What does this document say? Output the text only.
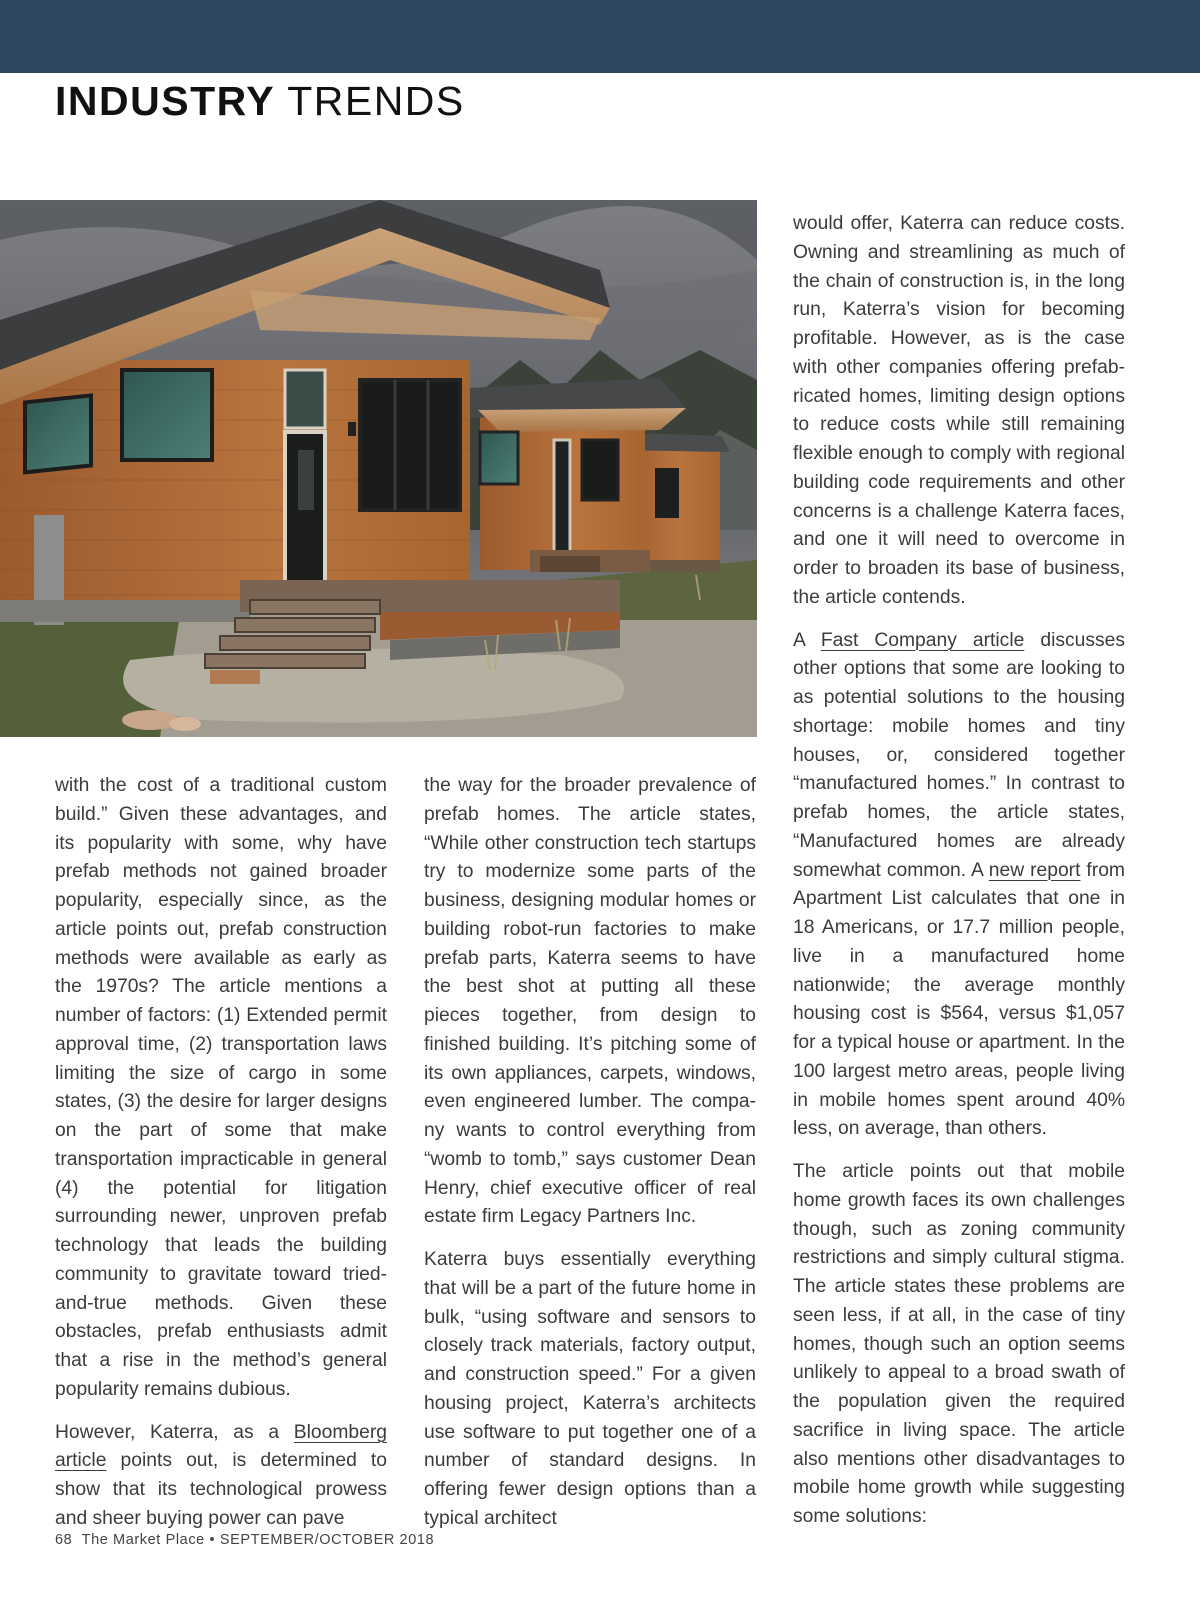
INDUSTRY TRENDS

with the cost of a traditional custom build.” Given these advantages, and its popularity with some, why have prefab methods not gained broader popularity, especially since, as the article points out, prefab construction methods were available as early as the 1970s? The article mentions a number of factors: (1) Extended permit approval time, (2) transportation laws limiting the size of cargo in some states, (3) the desire for larger designs on the part of some that make transportation impracticable in general (4) the potential for litigation surrounding newer, unproven prefab technology that leads the building community to gravitate toward tried-and-true methods. Given these obstacles, prefab enthusiasts admit that a rise in the method’s general popularity remains dubious.

However, Katerra, as a Bloomberg article points out, is determined to show that its technological prowess and sheer buying power can pave

the way for the broader prevalence of prefab homes. The article states, “While other construction tech startups try to modernize some parts of the business, designing modular homes or building robot-run factories to make prefab parts, Katerra seems to have the best shot at putting all these pieces together, from design to finished building. It’s pitching some of its own appliances, carpets, windows, even engineered lumber. The company wants to control everything from “womb to tomb,” says customer Dean Henry, chief executive officer of real estate firm Legacy Partners Inc.

Katerra buys essentially everything that will be a part of the future home in bulk, “using software and sensors to closely track materials, factory output, and construction speed.” For a given housing project, Katerra’s architects use software to put together one of a number of standard designs. In offering fewer design options than a typical architect

would offer, Katerra can reduce costs. Owning and streamlining as much of the chain of construction is, in the long run, Katerra’s vision for becoming profitable. However, as is the case with other companies offering prefabricated homes, limiting design options to reduce costs while still remaining flexible enough to comply with regional building code requirements and other concerns is a challenge Katerra faces, and one it will need to overcome in order to broaden its base of business, the article contends.

A Fast Company article discusses other options that some are looking to as potential solutions to the housing shortage: mobile homes and tiny houses, or, considered together “manufactured homes.” In contrast to prefab homes, the article states, “Manufactured homes are already somewhat common. A new report from Apartment List calculates that one in 18 Americans, or 17.7 million people, live in a manufactured home nationwide; the average monthly housing cost is $564, versus $1,057 for a typical house or apartment. In the 100 largest metro areas, people living in mobile homes spent around 40% less, on average, than others.

The article points out that mobile home growth faces its own challenges though, such as zoning community restrictions and simply cultural stigma. The article states these problems are seen less, if at all, in the case of tiny homes, though such an option seems unlikely to appeal to a broad swath of the population given the required sacrifice in living space. The article also mentions other disadvantages to mobile home growth while suggesting some solutions:

68 The Market Place • SEPTEMBER/OCTOBER 2018
